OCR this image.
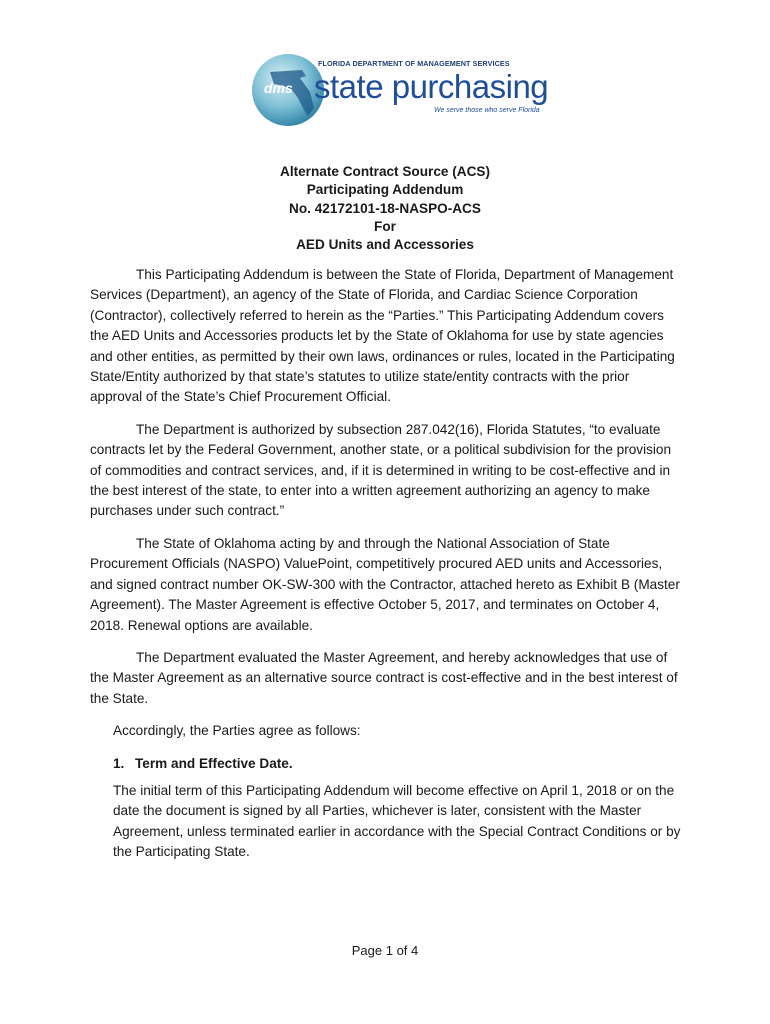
dms
FLORIDA DEPARTMENT OF MANAGEMENT SERVICES
state purchasing
We serve those who serve Florida
Alternate Contract Source (ACS)
Participating Addendum
No. 42172101-18-NASPO-ACS
For
AED Units and Accessories

This Participating Addendum is between the State of Florida, Department of Management Services (Department), an agency of the State of Florida, and Cardiac Science Corporation (Contractor), collectively referred to herein as the “Parties.” This Participating Addendum covers the AED Units and Accessories products let by the State of Oklahoma for use by state agencies and other entities, as permitted by their own laws, ordinances or rules, located in the Participating State/Entity authorized by that state’s statutes to utilize state/entity contracts with the prior approval of the State’s Chief Procurement Official.

The Department is authorized by subsection 287.042(16), Florida Statutes, “to evaluate contracts let by the Federal Government, another state, or a political subdivision for the provision of commodities and contract services, and, if it is determined in writing to be cost-effective and in the best interest of the state, to enter into a written agreement authorizing an agency to make purchases under such contract.”

The State of Oklahoma acting by and through the National Association of State Procurement Officials (NASPO) ValuePoint, competitively procured AED units and Accessories, and signed contract number OK-SW-300 with the Contractor, attached hereto as Exhibit B (Master Agreement). The Master Agreement is effective October 5, 2017, and terminates on October 4, 2018. Renewal options are available.

The Department evaluated the Master Agreement, and hereby acknowledges that use of the Master Agreement as an alternative source contract is cost-effective and in the best interest of the State.

Accordingly, the Parties agree as follows:

1. Term and Effective Date.

The initial term of this Participating Addendum will become effective on April 1, 2018 or on the date the document is signed by all Parties, whichever is later, consistent with the Master Agreement, unless terminated earlier in accordance with the Special Contract Conditions or by the Participating State.

Page 1 of 4
